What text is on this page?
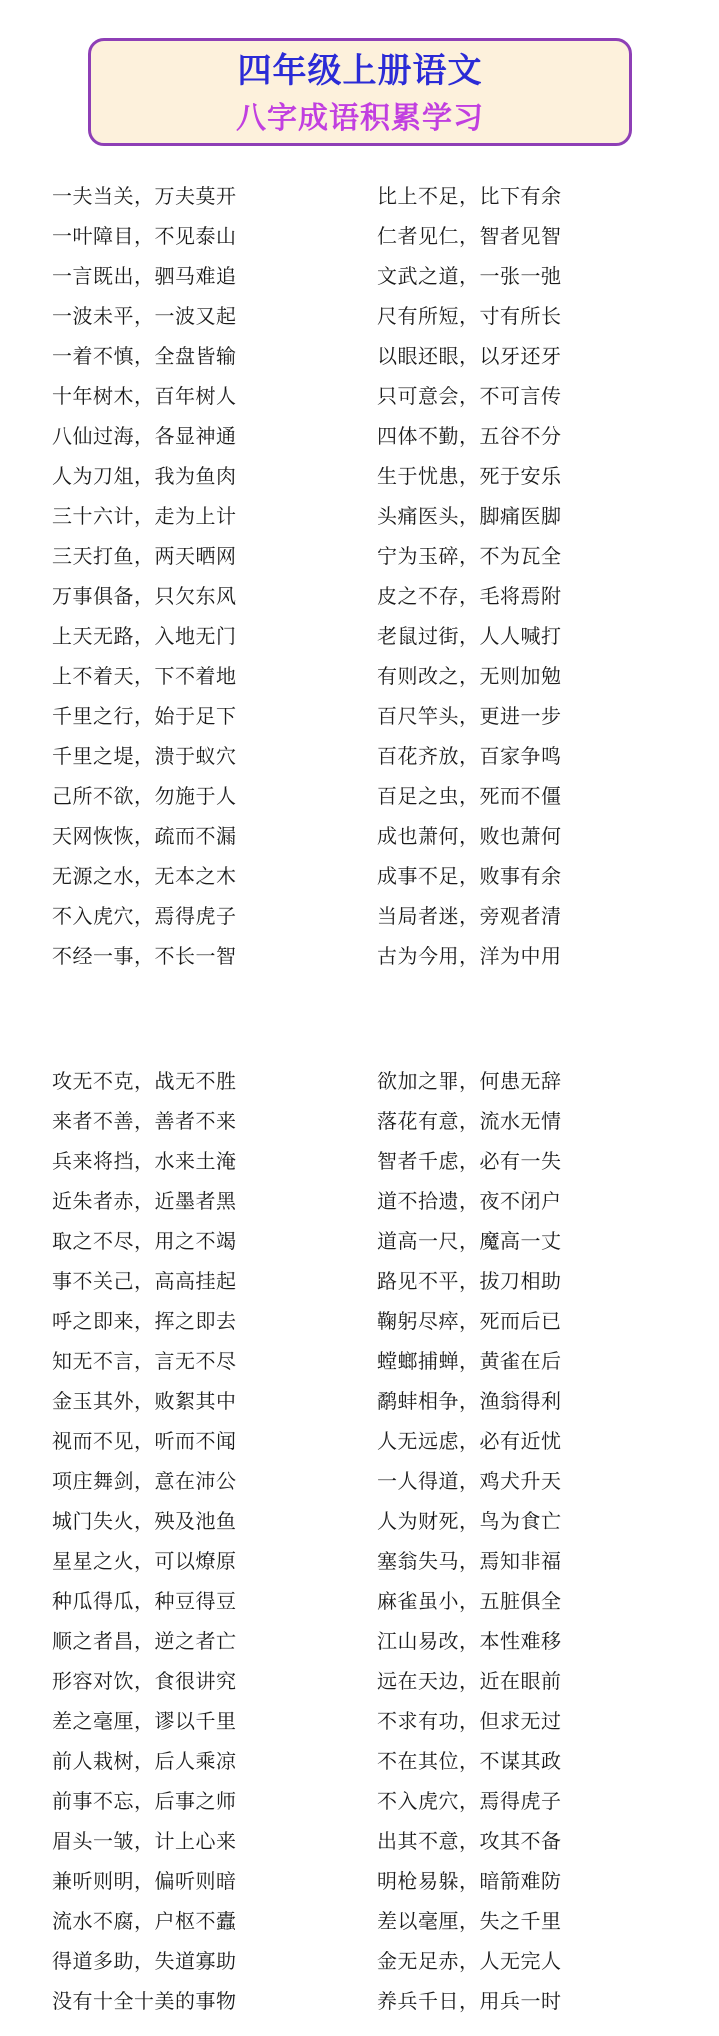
四年级上册语文
八字成语积累学习
一夫当关，万夫莫开
一叶障目，不见泰山
一言既出，驷马难追
一波未平，一波又起
一着不慎，全盘皆输
十年树木，百年树人
八仙过海，各显神通
人为刀俎，我为鱼肉
三十六计，走为上计
三天打鱼，两天晒网
万事俱备，只欠东风
上天无路，入地无门
上不着天，下不着地
千里之行，始于足下
千里之堤，溃于蚁穴
己所不欲，勿施于人
天网恢恢，疏而不漏
无源之水，无本之木
不入虎穴，焉得虎子
不经一事，不长一智
比上不足，比下有余
仁者见仁，智者见智
文武之道，一张一弛
尺有所短，寸有所长
以眼还眼，以牙还牙
只可意会，不可言传
四体不勤，五谷不分
生于忧患，死于安乐
头痛医头，脚痛医脚
宁为玉碎，不为瓦全
皮之不存，毛将焉附
老鼠过街，人人喊打
有则改之，无则加勉
百尺竿头，更进一步
百花齐放，百家争鸣
百足之虫，死而不僵
成也萧何，败也萧何
成事不足，败事有余
当局者迷，旁观者清
古为今用，洋为中用
攻无不克，战无不胜
来者不善，善者不来
兵来将挡，水来土淹
近朱者赤，近墨者黑
取之不尽，用之不竭
事不关己，高高挂起
呼之即来，挥之即去
知无不言，言无不尽
金玉其外，败絮其中
视而不见，听而不闻
项庄舞剑，意在沛公
城门失火，殃及池鱼
星星之火，可以燎原
种瓜得瓜，种豆得豆
顺之者昌，逆之者亡
形容对饮，食很讲究
差之毫厘，谬以千里
前人栽树，后人乘凉
前事不忘，后事之师
眉头一皱，计上心来
兼听则明，偏听则暗
流水不腐，户枢不蠹
得道多助，失道寡助
没有十全十美的事物
欲加之罪，何患无辞
落花有意，流水无情
智者千虑，必有一失
道不拾遗，夜不闭户
道高一尺，魔高一丈
路见不平，拔刀相助
鞠躬尽瘁，死而后已
螳螂捕蝉，黄雀在后
鹬蚌相争，渔翁得利
人无远虑，必有近忧
一人得道，鸡犬升天
人为财死，鸟为食亡
塞翁失马，焉知非福
麻雀虽小，五脏俱全
江山易改，本性难移
远在天边，近在眼前
不求有功，但求无过
不在其位，不谋其政
不入虎穴，焉得虎子
出其不意，攻其不备
明枪易躲，暗箭难防
差以毫厘，失之千里
金无足赤，人无完人
养兵千日，用兵一时
